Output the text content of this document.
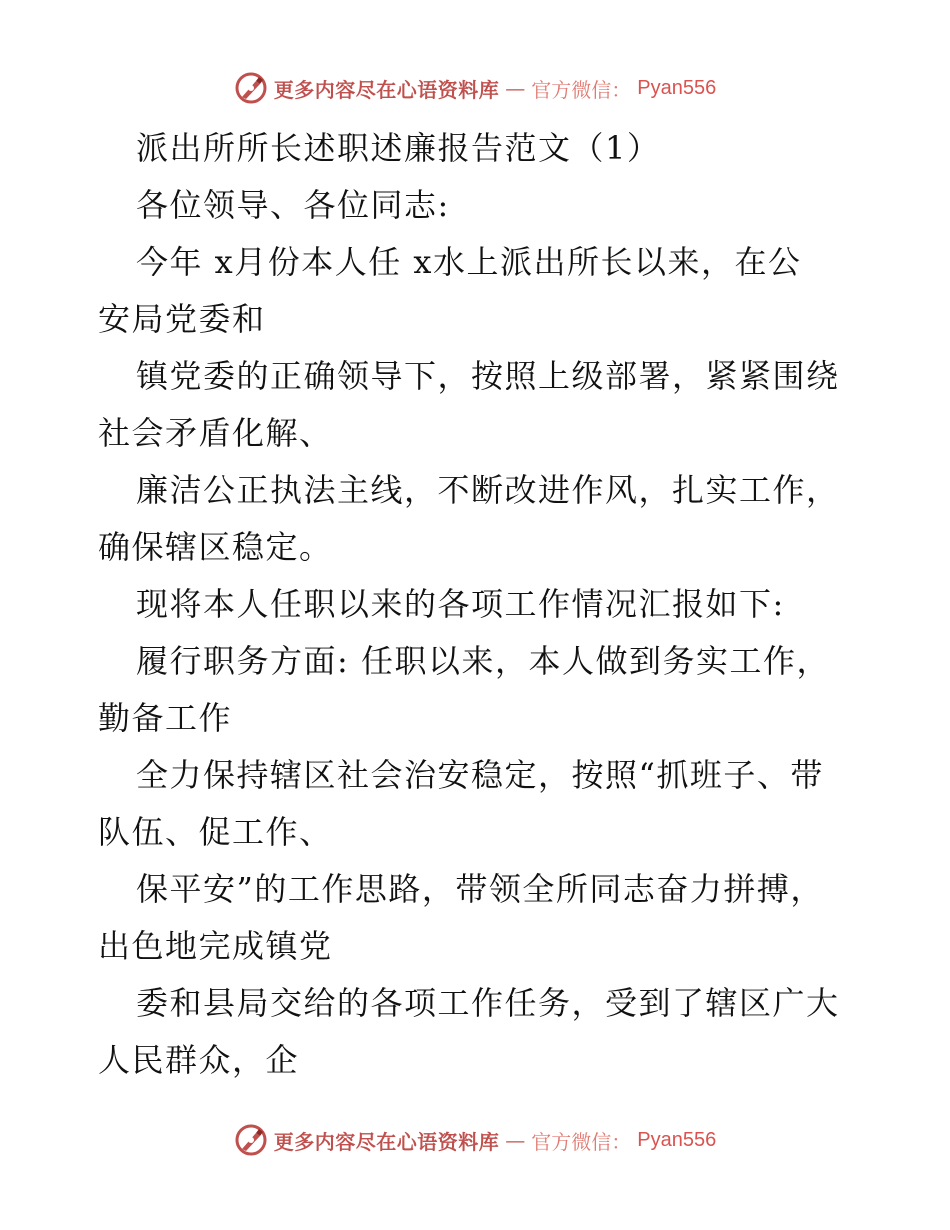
更多内容尽在心语资料库 — 官方微信： Pyan556
派出所所长述职述廉报告范文（1）
各位领导、各位同志:
今年 x月份本人任 x水上派出所长以来，在公
安局党委和
镇党委的正确领导下，按照上级部署，紧紧围绕
社会矛盾化解、
廉洁公正执法主线，不断改进作风，扎实工作，
确保辖区稳定。
现将本人任职以来的各项工作情况汇报如下:
履行职务方面: 任职以来，本人做到务实工作，
勤备工作
全力保持辖区社会治安稳定，按照“抓班子、带
队伍、促工作、
保平安”的工作思路，带领全所同志奋力拼搏，
出色地完成镇党
委和县局交给的各项工作任务，受到了辖区广大
人民群众，企
更多内容尽在心语资料库 — 官方微信： Pyan556
